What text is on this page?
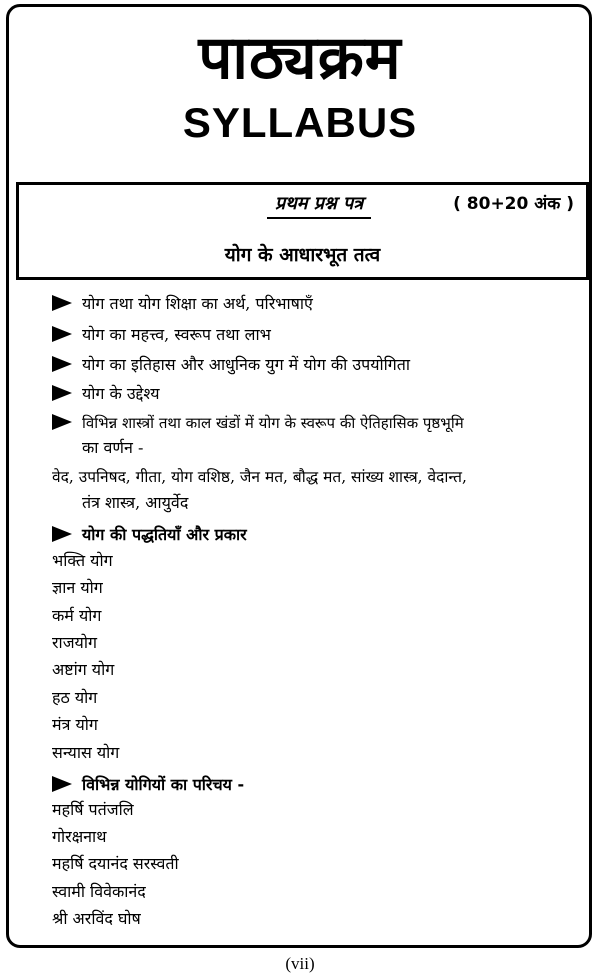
पाठ्यक्रम
SYLLABUS
प्रथम प्रश्न पत्र	( 80+20 अंक )
योग के आधारभूत तत्व
योग तथा योग शिक्षा का अर्थ, परिभाषाएँ
योग का महत्त्व, स्वरूप तथा लाभ
योग का इतिहास और आधुनिक युग में योग की उपयोगिता
योग के उद्देश्य
विभिन्न शास्त्रों तथा काल खंडों में योग के स्वरूप की ऐतिहासिक पृष्ठभूमि
का वर्णन -
वेद, उपनिषद, गीता, योग वशिष्ठ, जैन मत, बौद्ध मत, सांख्य शास्त्र, वेदान्त,
तंत्र शास्त्र, आयुर्वेद
योग की पद्धतियाँ और प्रकार
भक्ति योग
ज्ञान योग
कर्म योग
राजयोग
अष्टांग योग
हठ योग
मंत्र योग
सन्यास योग
विभिन्न योगियों का परिचय -
महर्षि पतंजलि
गोरक्षनाथ
महर्षि दयानंद सरस्वती
स्वामी विवेकानंद
श्री अरविंद घोष
(vii)
